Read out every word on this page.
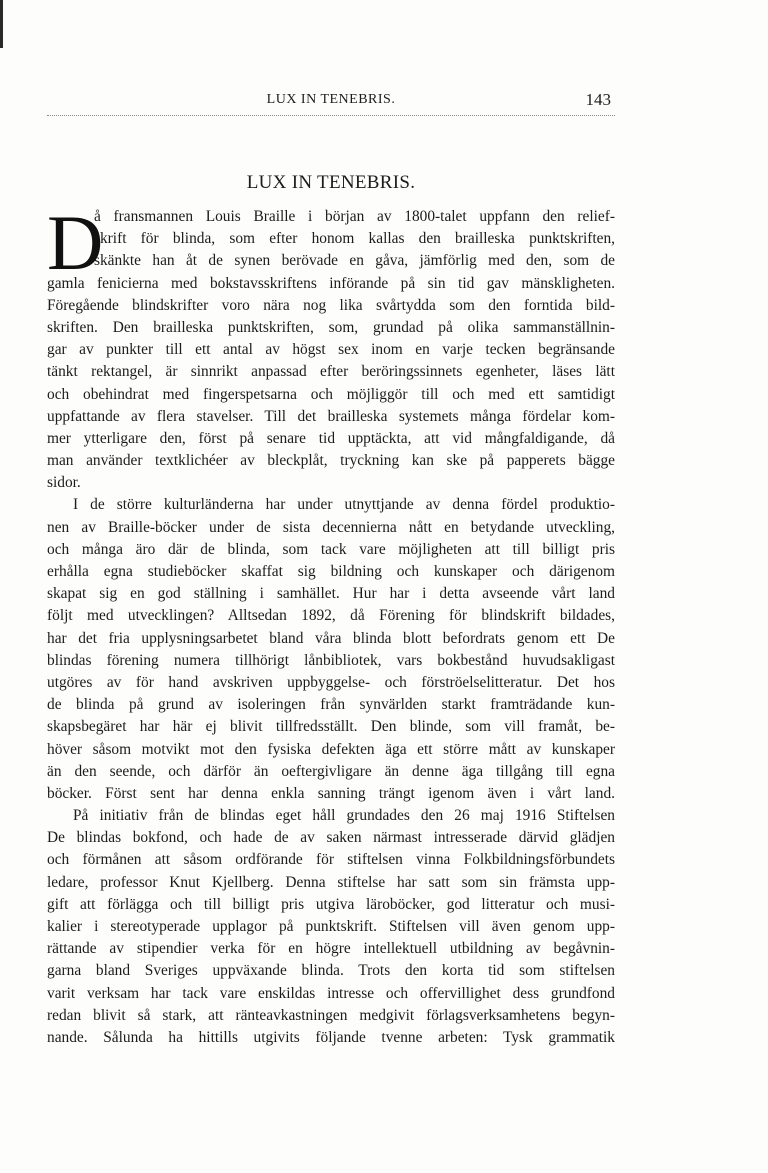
LUX IN TENEBRIS.	143
LUX IN TENEBRIS.
D
å fransmannen Louis Braille i början av 1800-talet uppfann den relief-
skrift för blinda, som efter honom kallas den brailleska punktskriften,
skänkte han åt de synen berövade en gåva, jämförlig med den, som de
gamla fenicierna med bokstavsskriftens införande på sin tid gav mänskligheten.
Föregående blindskrifter voro nära nog lika svårtydda som den forntida bild-
skriften. Den brailleska punktskriften, som, grundad på olika sammanställnin-
gar av punkter till ett antal av högst sex inom en varje tecken begränsande
tänkt rektangel, är sinnrikt anpassad efter beröringssinnets egenheter, läses lätt
och obehindrat med fingerspetsarna och möjliggör till och med ett samtidigt
uppfattande av flera stavelser. Till det brailleska systemets många fördelar kom-
mer ytterligare den, först på senare tid upptäckta, att vid mångfaldigande, då
man använder textklichéer av bleckplåt, tryckning kan ske på papperets bägge
sidor.
I de större kulturländerna har under utnyttjande av denna fördel produktio-
nen av Braille-böcker under de sista decennierna nått en betydande utveckling,
och många äro där de blinda, som tack vare möjligheten att till billigt pris
erhålla egna studieböcker skaffat sig bildning och kunskaper och därigenom
skapat sig en god ställning i samhället. Hur har i detta avseende vårt land
följt med utvecklingen? Alltsedan 1892, då Förening för blindskrift bildades,
har det fria upplysningsarbetet bland våra blinda blott befordrats genom ett De
blindas förening numera tillhörigt lånbibliotek, vars bokbestånd huvudsakligast
utgöres av för hand avskriven uppbyggelse- och förströelselitteratur. Det hos
de blinda på grund av isoleringen från synvärlden starkt framträdande kun-
skapsbegäret har här ej blivit tillfredsställt. Den blinde, som vill framåt, be-
höver såsom motvikt mot den fysiska defekten äga ett större mått av kunskaper
än den seende, och därför än oeftergivligare än denne äga tillgång till egna
böcker. Först sent har denna enkla sanning trängt igenom även i vårt land.
På initiativ från de blindas eget håll grundades den 26 maj 1916 Stiftelsen
De blindas bokfond, och hade de av saken närmast intresserade därvid glädjen
och förmånen att såsom ordförande för stiftelsen vinna Folkbildningsförbundets
ledare, professor Knut Kjellberg. Denna stiftelse har satt som sin främsta upp-
gift att förlägga och till billigt pris utgiva läroböcker, god litteratur och musi-
kalier i stereotyperade upplagor på punktskrift. Stiftelsen vill även genom upp-
rättande av stipendier verka för en högre intellektuell utbildning av begåvnin-
garna bland Sveriges uppväxande blinda. Trots den korta tid som stiftelsen
varit verksam har tack vare enskildas intresse och offervillighet dess grundfond
redan blivit så stark, att ränteavkastningen medgivit förlagsverksamhetens begyn-
nande. Sålunda ha hittills utgivits följande tvenne arbeten: Tysk grammatik
